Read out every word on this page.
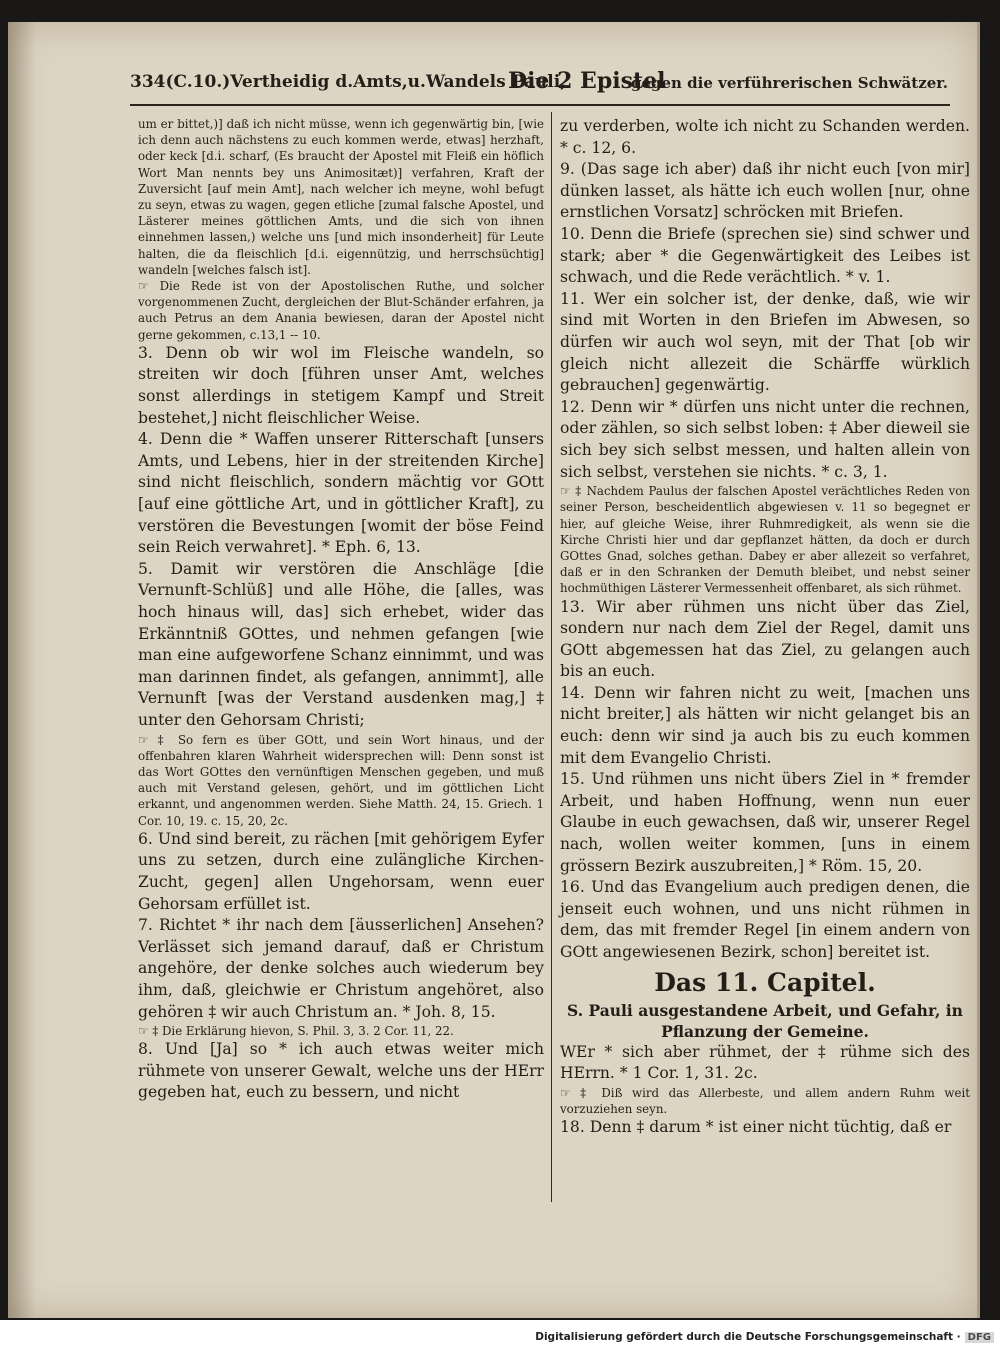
334(C.10.)Vertheidig d.Amts,u.Wandels Pauli,
Die 2 Epistel
gegen die verführerischen Schwätzer.

um er bittet,)] daß ich nicht müsse, wenn ich gegenwärtig bin, [wie ich denn auch nächstens zu euch kommen werde, etwas] herzhaft, oder keck [d.i. scharf, (Es braucht der Apostel mit Fleiß ein höflich Wort Man nennts bey uns Animositæt)] verfahren, Kraft der Zuversicht [auf mein Amt], nach welcher ich meyne, wohl befugt zu seyn, etwas zu wagen, gegen etliche [zumal falsche Apostel, und Lästerer meines göttlichen Amts, und die sich von ihnen einnehmen lassen,) welche uns [und mich insonderheit] für Leute halten, die da fleischlich [d.i. eigennützig, und herrschsüchtig] wandeln [welches falsch ist].

☞ Die Rede ist von der Apostolischen Ruthe, und solcher vorgenommenen Zucht, dergleichen der Blut-Schänder erfahren, ja auch Petrus an dem Anania bewiesen, daran der Apostel nicht gerne gekommen, c.13,1 -- 10.

3. Denn ob wir wol im Fleische wandeln, so streiten wir doch [führen unser Amt, welches sonst allerdings in stetigem Kampf und Streit bestehet,] nicht fleischlicher Weise.

4. Denn die * Waffen unserer Ritterschaft [unsers Amts, und Lebens, hier in der streitenden Kirche] sind nicht fleischlich, sondern mächtig vor GOtt [auf eine göttliche Art, und in göttlicher Kraft], zu verstören die Bevestungen [womit der böse Feind sein Reich verwahret]. * Eph. 6, 13.

5. Damit wir verstören die Anschläge [die Vernunft-Schlüß] und alle Höhe, die [alles, was hoch hinaus will, das] sich erhebet, wider das Erkänntniß GOttes, und nehmen gefangen [wie man eine aufgeworfene Schanz einnimmt, und was man darinnen findet, als gefangen, annimmt], alle Vernunft [was der Verstand ausdenken mag,] ‡ unter den Gehorsam Christi;

☞ ‡ So fern es über GOtt, und sein Wort hinaus, und der offenbahren klaren Wahrheit widersprechen will: Denn sonst ist das Wort GOttes den vernünftigen Menschen gegeben, und muß auch mit Verstand gelesen, gehört, und im göttlichen Licht erkannt, und angenommen werden. Siehe Matth. 24, 15. Griech. 1 Cor. 10, 19. c. 15, 20, 2c.

6. Und sind bereit, zu rächen [mit gehörigem Eyfer uns zu setzen, durch eine zulängliche Kirchen-Zucht, gegen] allen Ungehorsam, wenn euer Gehorsam erfüllet ist.

7. Richtet * ihr nach dem [äusserlichen] Ansehen? Verlässet sich jemand darauf, daß er Christum angehöre, der denke solches auch wiederum bey ihm, daß, gleichwie er Christum angehöret, also gehören ‡ wir auch Christum an. * Joh. 8, 15.

☞ ‡ Die Erklärung hievon, S. Phil. 3, 3. 2 Cor. 11, 22.

8. Und [Ja] so * ich auch etwas weiter mich rühmete von unserer Gewalt, welche uns der HErr gegeben hat, euch zu bessern, und nicht

zu verderben, wolte ich nicht zu Schanden werden. * c. 12, 6.

9. (Das sage ich aber) daß ihr nicht euch [von mir] dünken lasset, als hätte ich euch wollen [nur, ohne ernstlichen Vorsatz] schröcken mit Briefen.

10. Denn die Briefe (sprechen sie) sind schwer und stark; aber * die Gegenwärtigkeit des Leibes ist schwach, und die Rede verächtlich. * v. 1.

11. Wer ein solcher ist, der denke, daß, wie wir sind mit Worten in den Briefen im Abwesen, so dürfen wir auch wol seyn, mit der That [ob wir gleich nicht allezeit die Schärffe würklich gebrauchen] gegenwärtig.

12. Denn wir * dürfen uns nicht unter die rechnen, oder zählen, so sich selbst loben: ‡ Aber dieweil sie sich bey sich selbst messen, und halten allein von sich selbst, verstehen sie nichts. * c. 3, 1.

☞ ‡ Nachdem Paulus der falschen Apostel verächtliches Reden von seiner Person, bescheidentlich abgewiesen v. 11 so begegnet er hier, auf gleiche Weise, ihrer Ruhmredigkeit, als wenn sie die Kirche Christi hier und dar gepflanzet hätten, da doch er durch GOttes Gnad, solches gethan. Dabey er aber allezeit so verfahret, daß er in den Schranken der Demuth bleibet, und nebst seiner hochmüthigen Lästerer Vermessenheit offenbaret, als sich rühmet.

13. Wir aber rühmen uns nicht über das Ziel, sondern nur nach dem Ziel der Regel, damit uns GOtt abgemessen hat das Ziel, zu gelangen auch bis an euch.

14. Denn wir fahren nicht zu weit, [machen uns nicht breiter,] als hätten wir nicht gelanget bis an euch: denn wir sind ja auch bis zu euch kommen mit dem Evangelio Christi.

15. Und rühmen uns nicht übers Ziel in * fremder Arbeit, und haben Hoffnung, wenn nun euer Glaube in euch gewachsen, daß wir, unserer Regel nach, wollen weiter kommen, [uns in einem grössern Bezirk auszubreiten,] * Röm. 15, 20.

16. Und das Evangelium auch predigen denen, die jenseit euch wohnen, und uns nicht rühmen in dem, das mit fremder Regel [in einem andern von GOtt angewiesenen Bezirk, schon] bereitet ist.

Das 11. Capitel.
S. Pauli ausgestandene Arbeit, und Gefahr, in Pflanzung der Gemeine.

WEr * sich aber rühmet, der ‡ rühme sich des HErrn. * 1 Cor. 1, 31. 2c.

☞ ‡ Diß wird das Allerbeste, und allem andern Ruhm weit vorzuziehen seyn.

18. Denn ‡ darum * ist einer nicht tüchtig, daß er

Digitalisierung gefördert durch die Deutsche Forschungsgemeinschaft · DFG
